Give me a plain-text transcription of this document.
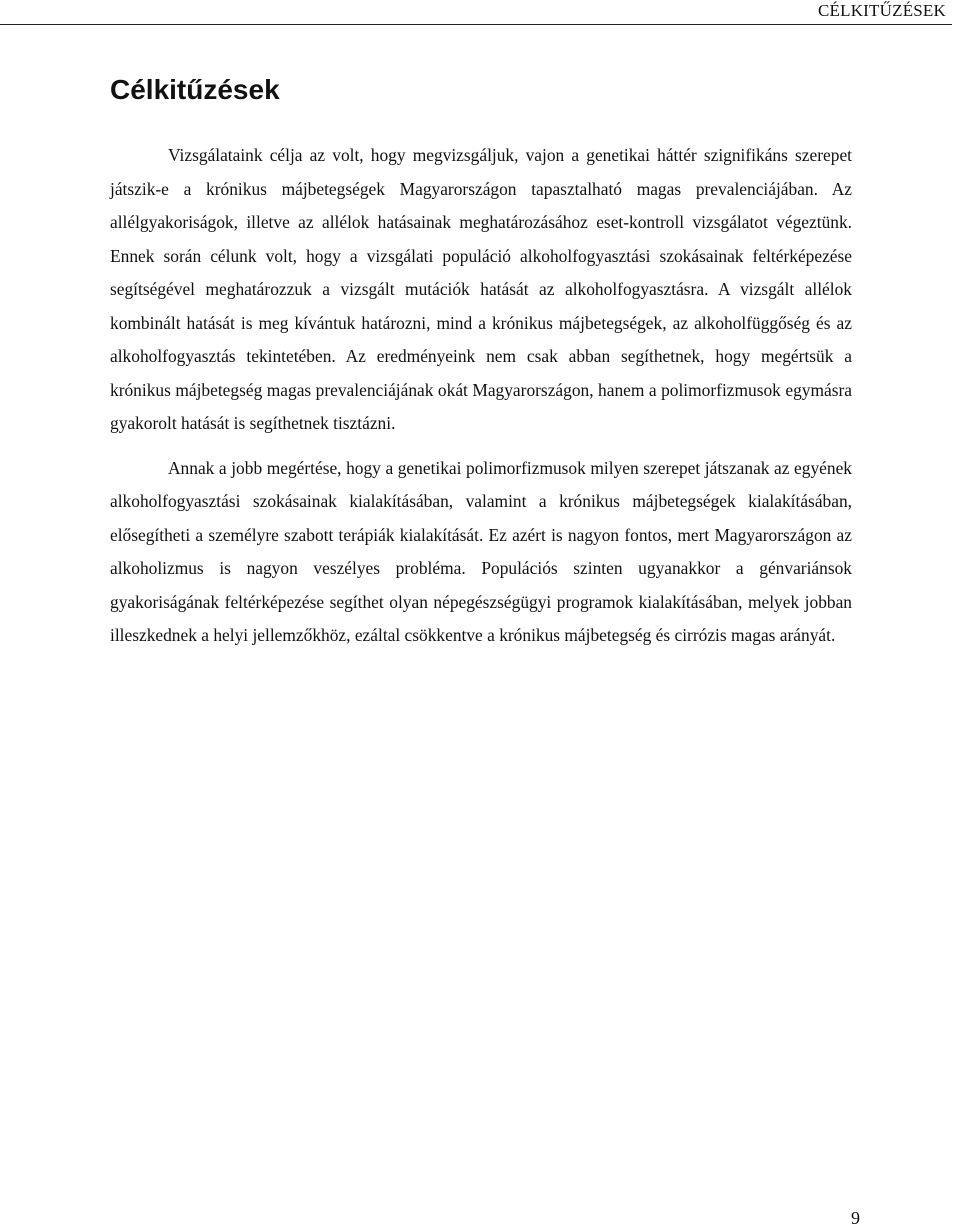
CÉLKITŰZÉSEK
Célkitűzések

Vizsgálataink célja az volt, hogy megvizsgáljuk, vajon a genetikai háttér szignifikáns szerepet játszik-e a krónikus májbetegségek Magyarországon tapasztalható magas prevalenciájában. Az allélgyakoriságok, illetve az allélok hatásainak meghatározásához eset-kontroll vizsgálatot végeztünk. Ennek során célunk volt, hogy a vizsgálati populáció alkoholfogyasztási szokásainak feltérképezése segítségével meghatározzuk a vizsgált mutációk hatását az alkoholfogyasztásra. A vizsgált allélok kombinált hatását is meg kívántuk határozni, mind a krónikus májbetegségek, az alkoholfüggőség és az alkoholfogyasztás tekintetében. Az eredményeink nem csak abban segíthetnek, hogy megértsük a krónikus májbetegség magas prevalenciájának okát Magyarországon, hanem a polimorfizmusok egymásra gyakorolt hatását is segíthetnek tisztázni.

Annak a jobb megértése, hogy a genetikai polimorfizmusok milyen szerepet játszanak az egyének alkoholfogyasztási szokásainak kialakításában, valamint a krónikus májbetegségek kialakításában, elősegítheti a személyre szabott terápiák kialakítását. Ez azért is nagyon fontos, mert Magyarországon az alkoholizmus is nagyon veszélyes probléma. Populációs szinten ugyanakkor a génvariánsok gyakoriságának feltérképezése segíthet olyan népegészségügyi programok kialakításában, melyek jobban illeszkednek a helyi jellemzőkhöz, ezáltal csökkentve a krónikus májbetegség és cirrózis magas arányát.

9
